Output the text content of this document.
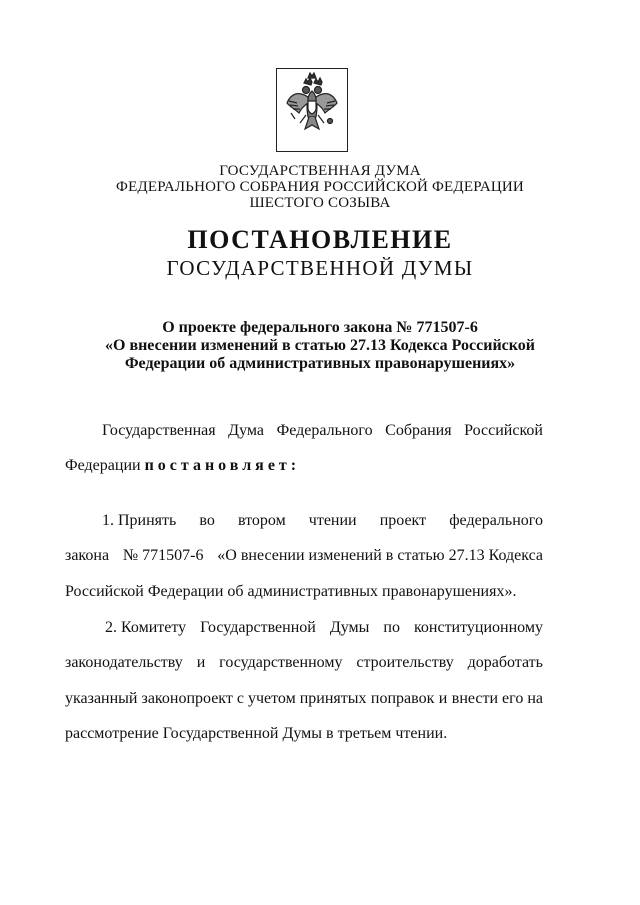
ГОСУДАРСТВЕННАЯ ДУМА
ФЕДЕРАЛЬНОГО СОБРАНИЯ РОССИЙСКОЙ ФЕДЕРАЦИИ
ШЕСТОГО СОЗЫВА
ПОСТАНОВЛЕНИЕ
ГОСУДАРСТВЕННОЙ ДУМЫ
О проекте федерального закона № 771507-6
«О внесении изменений в статью 27.13 Кодекса Российской
Федерации об административных правонарушениях»
Государственная Дума Федерального Собрания Российской
Федерации постановляет:
1. Принять во втором чтении проект федерального
закона № 771507-6 «О внесении изменений в статью 27.13 Кодекса
Российской Федерации об административных правонарушениях».
2. Комитету Государственной Думы по конституционному
законодательству и государственному строительству доработать
указанный законопроект с учетом принятых поправок и внести его на
рассмотрение Государственной Думы в третьем чтении.
